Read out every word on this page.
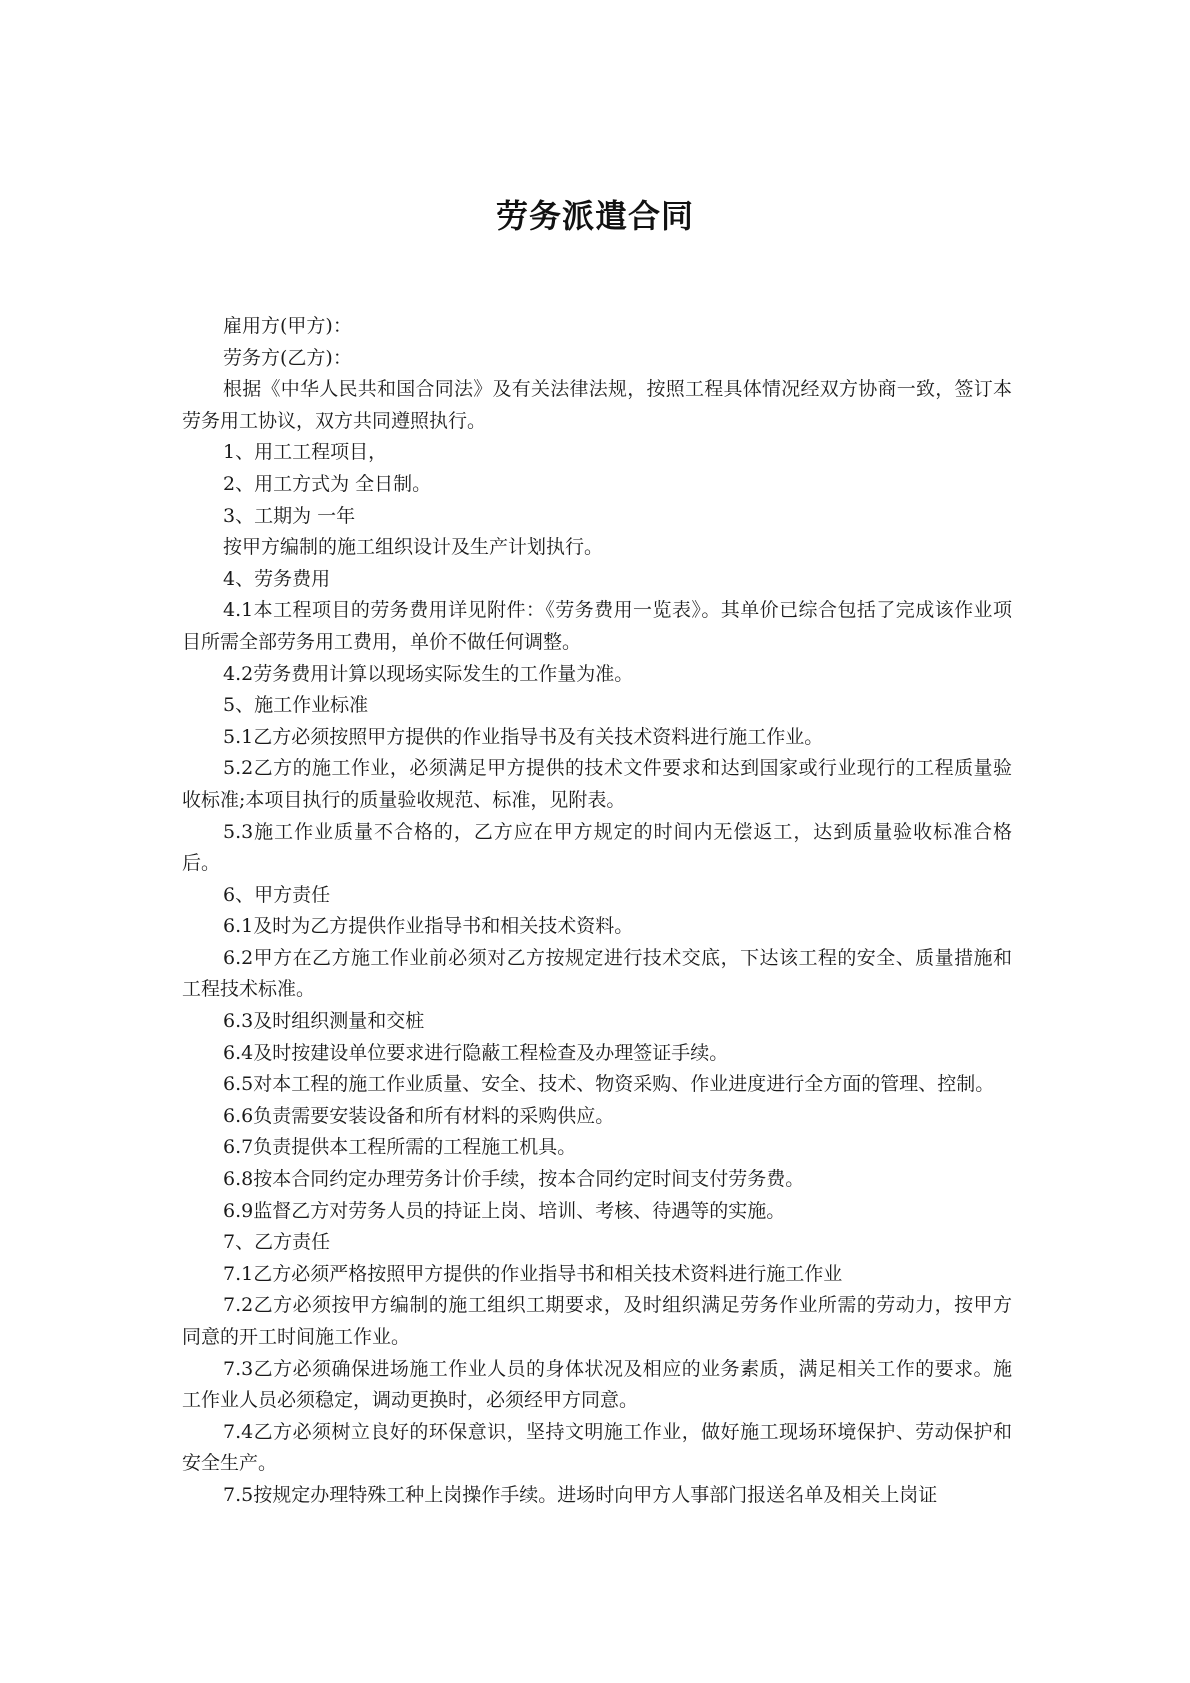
劳务派遣合同

雇用方(甲方)：

劳务方(乙方)：

根据《中华人民共和国合同法》及有关法律法规，按照工程具体情况经双方协商一致，签订本劳务用工协议，双方共同遵照执行。

1、用工工程项目，

2、用工方式为 全日制。

3、工期为 一年

按甲方编制的施工组织设计及生产计划执行。

4、劳务费用

4.1本工程项目的劳务费用详见附件：《劳务费用一览表》。其单价已综合包括了完成该作业项目所需全部劳务用工费用，单价不做任何调整。

4.2劳务费用计算以现场实际发生的工作量为准。

5、施工作业标准

5.1乙方必须按照甲方提供的作业指导书及有关技术资料进行施工作业。

5.2乙方的施工作业，必须满足甲方提供的技术文件要求和达到国家或行业现行的工程质量验收标准;本项目执行的质量验收规范、标准，见附表。

5.3施工作业质量不合格的，乙方应在甲方规定的时间内无偿返工，达到质量验收标准合格后。

6、甲方责任

6.1及时为乙方提供作业指导书和相关技术资料。

6.2甲方在乙方施工作业前必须对乙方按规定进行技术交底，下达该工程的安全、质量措施和工程技术标准。

6.3及时组织测量和交桩

6.4及时按建设单位要求进行隐蔽工程检查及办理签证手续。

6.5对本工程的施工作业质量、安全、技术、物资采购、作业进度进行全方面的管理、控制。

6.6负责需要安装设备和所有材料的采购供应。

6.7负责提供本工程所需的工程施工机具。

6.8按本合同约定办理劳务计价手续，按本合同约定时间支付劳务费。

6.9监督乙方对劳务人员的持证上岗、培训、考核、待遇等的实施。

7、乙方责任

7.1乙方必须严格按照甲方提供的作业指导书和相关技术资料进行施工作业

7.2乙方必须按甲方编制的施工组织工期要求，及时组织满足劳务作业所需的劳动力，按甲方同意的开工时间施工作业。

7.3乙方必须确保进场施工作业人员的身体状况及相应的业务素质，满足相关工作的要求。施工作业人员必须稳定，调动更换时，必须经甲方同意。

7.4乙方必须树立良好的环保意识，坚持文明施工作业，做好施工现场环境保护、劳动保护和安全生产。

7.5按规定办理特殊工种上岗操作手续。进场时向甲方人事部门报送名单及相关上岗证
